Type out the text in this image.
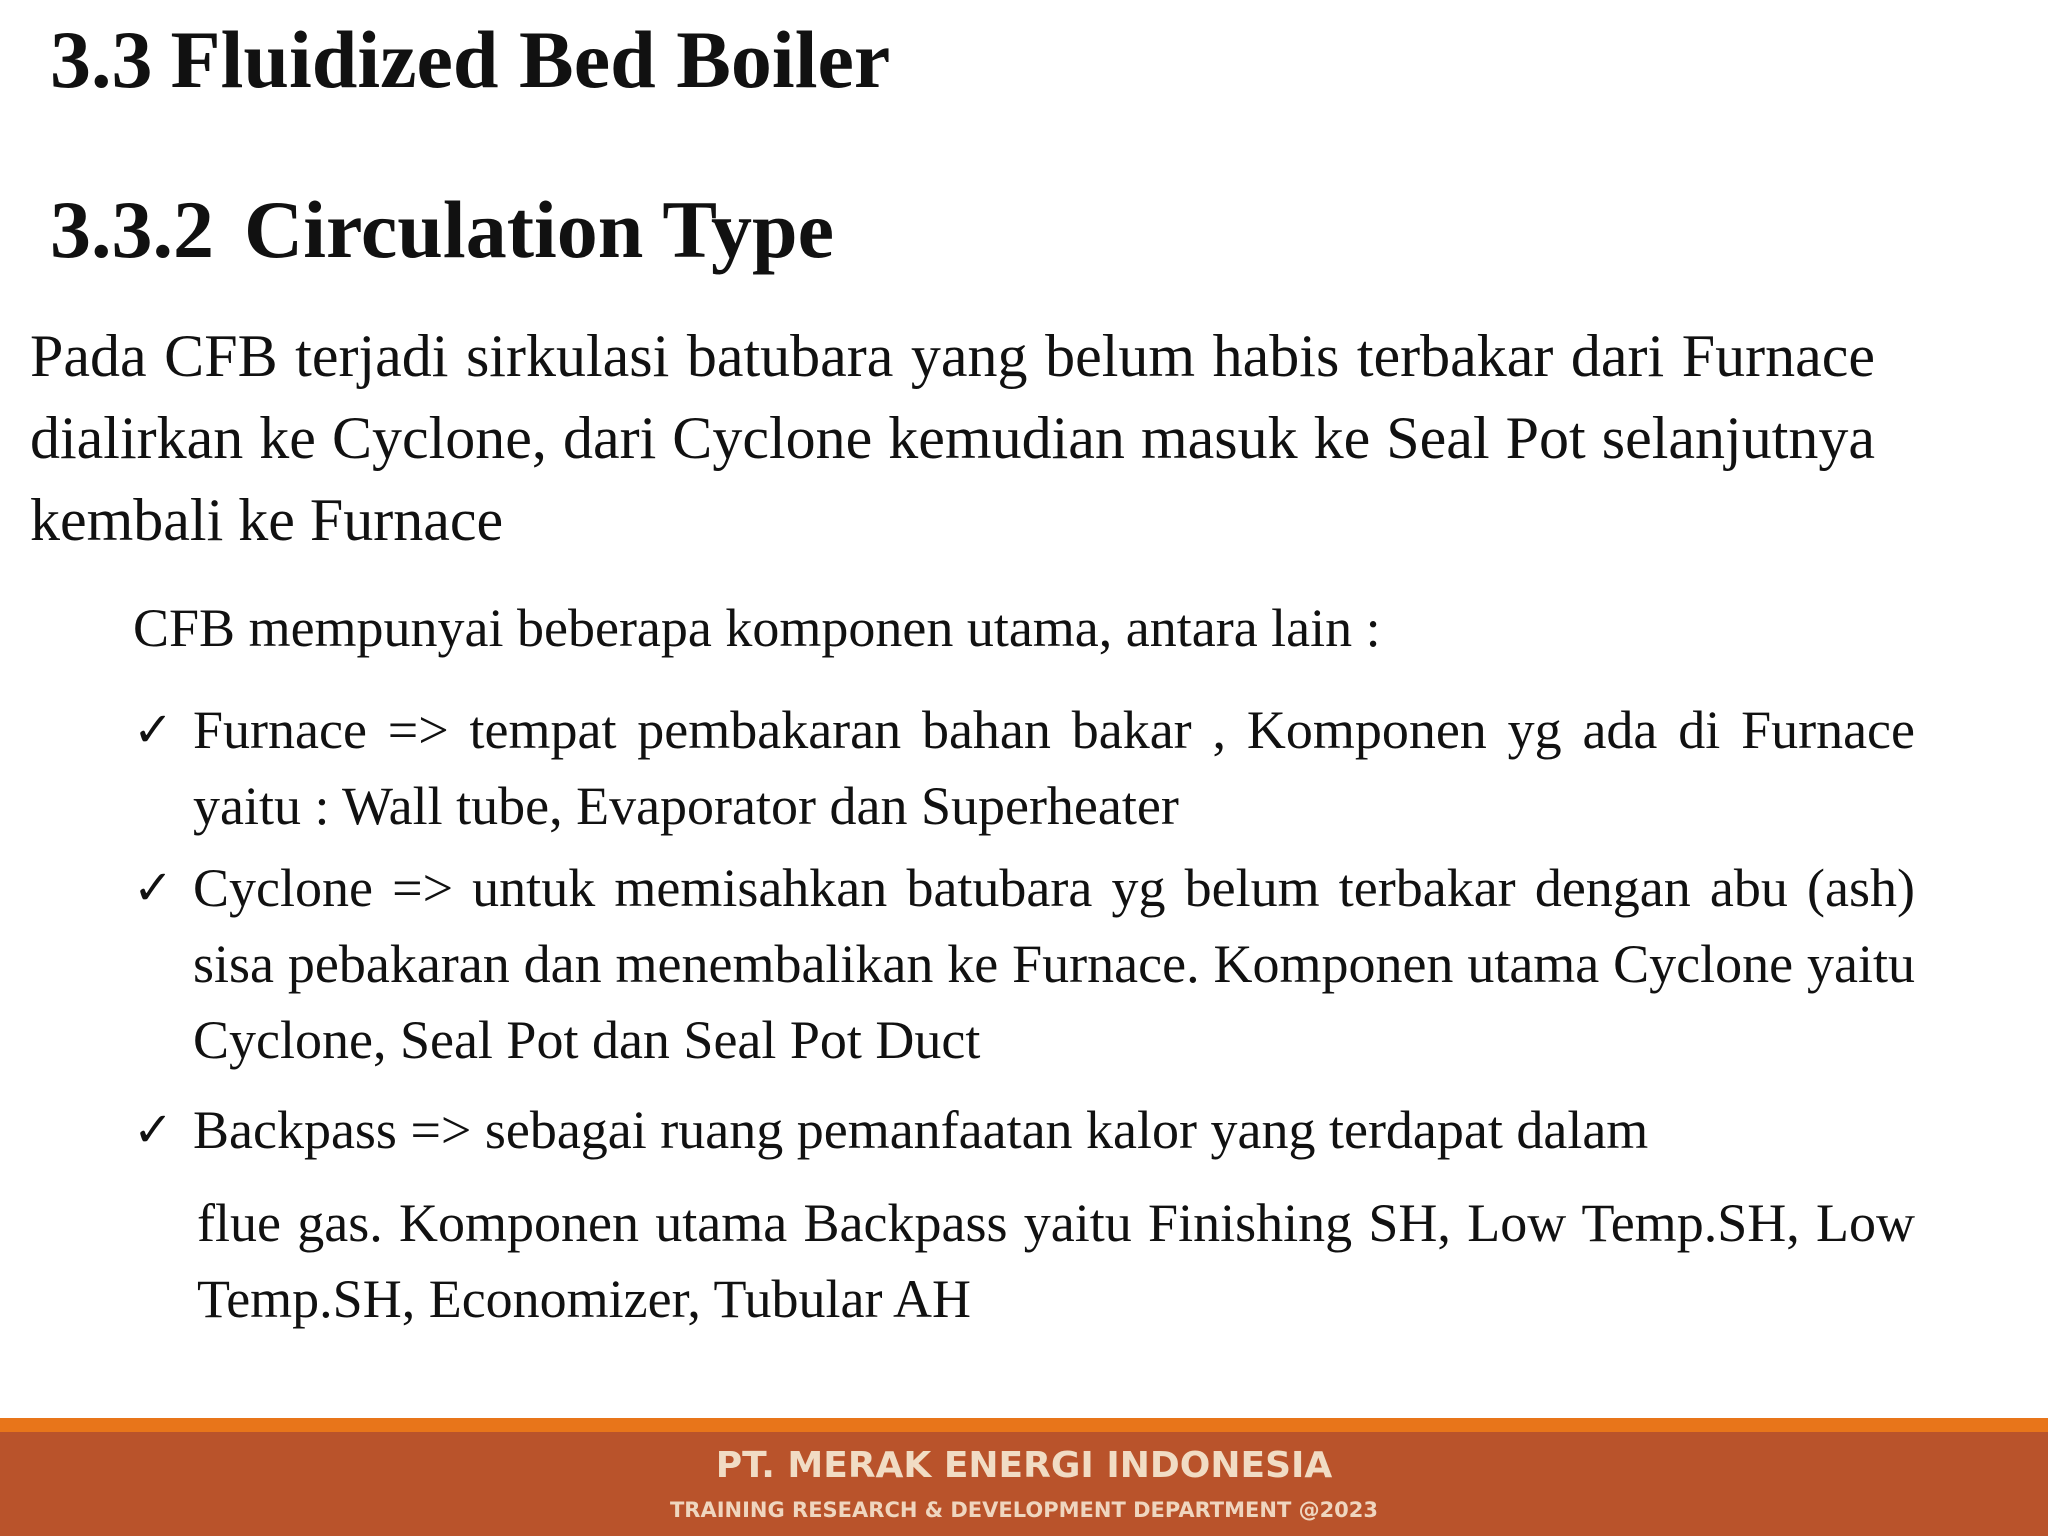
3.3 Fluidized Bed Boiler
3.3.2 Circulation Type
Pada CFB terjadi sirkulasi batubara yang belum habis terbakar dari Furnace dialirkan ke Cyclone, dari Cyclone kemudian masuk ke Seal Pot selanjutnya kembali ke Furnace
CFB mempunyai beberapa komponen utama, antara lain :
✓ Furnace => tempat pembakaran bahan bakar , Komponen yg ada di Furnace yaitu : Wall tube, Evaporator dan Superheater
✓ Cyclone => untuk memisahkan batubara yg belum terbakar dengan abu (ash) sisa pebakaran dan menembalikan ke Furnace. Komponen utama Cyclone yaitu Cyclone, Seal Pot dan Seal Pot Duct
✓ Backpass => sebagai ruang pemanfaatan kalor yang terdapat dalam
flue gas. Komponen utama Backpass yaitu Finishing SH, Low Temp.SH, Low Temp.SH, Economizer, Tubular AH
PT. MERAK ENERGI INDONESIA
TRAINING RESEARCH & DEVELOPMENT DEPARTMENT @2023
